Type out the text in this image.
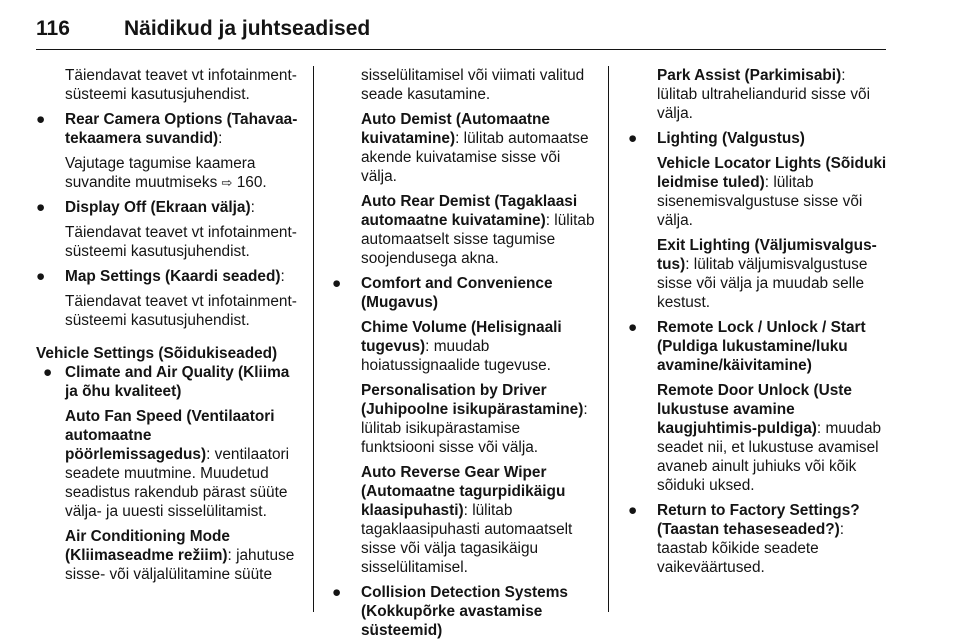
116	Näidikud ja juhtseadised

Täiendavat teavet vt infotainment-süsteemi kasutusjuhendist.

● Rear Camera Options (Tahavaa-tekaamera suvandid):

Vajutage tagumise kaamera suvandite muutmiseks ⇨ 160.

● Display Off (Ekraan välja):

Täiendavat teavet vt infotainment-süsteemi kasutusjuhendist.

● Map Settings (Kaardi seaded):

Täiendavat teavet vt infotainment-süsteemi kasutusjuhendist.

Vehicle Settings (Sõidukiseaded)

● Climate and Air Quality (Kliima ja õhu kvaliteet)

Auto Fan Speed (Ventilaatori automaatne pöörlemissagedus): ventilaatori seadete muutmine. Muudetud seadistus rakendub pärast süüte välja- ja uuesti sisselülitamist.

Air Conditioning Mode (Kliimaseadme režiim): jahutuse sisse- või väljalülitamine süüte

sisselülitamisel või viimati valitud seade kasutamine.

Auto Demist (Automaatne kuivatamine): lülitab automaatse akende kuivatamise sisse või välja.

Auto Rear Demist (Tagaklaasi automaatne kuivatamine): lülitab automaatselt sisse tagumise soojendusega akna.

● Comfort and Convenience (Mugavus)

Chime Volume (Helisignaali tugevus): muudab hoiatussignaalide tugevuse.

Personalisation by Driver (Juhipoolne isikupärastamine): lülitab isikupärastamise funktsiooni sisse või välja.

Auto Reverse Gear Wiper (Automaatne tagurpidikäigu klaasipuhasti): lülitab tagaklaasipuhasti automaatselt sisse või välja tagasikäigu sisselülitamisel.

● Collision Detection Systems (Kokkupõrke avastamise süsteemid)

Park Assist (Parkimisabi): lülitab ultraheliandurid sisse või välja.

● Lighting (Valgustus)

Vehicle Locator Lights (Sõiduki leidmise tuled): lülitab sisenemisvalgustuse sisse või välja.

Exit Lighting (Väljumisvalgus-tus): lülitab väljumisvalgustuse sisse või välja ja muudab selle kestust.

● Remote Lock / Unlock / Start (Puldiga lukustamine/luku avamine/käivitamine)

Remote Door Unlock (Uste lukustuse avamine kaugjuhtimis-puldiga): muudab seadet nii, et lukustuse avamisel avaneb ainult juhiuks või kõik sõiduki uksed.

● Return to Factory Settings? (Taastan tehaseseaded?): taastab kõikide seadete vaikeväärtused.
